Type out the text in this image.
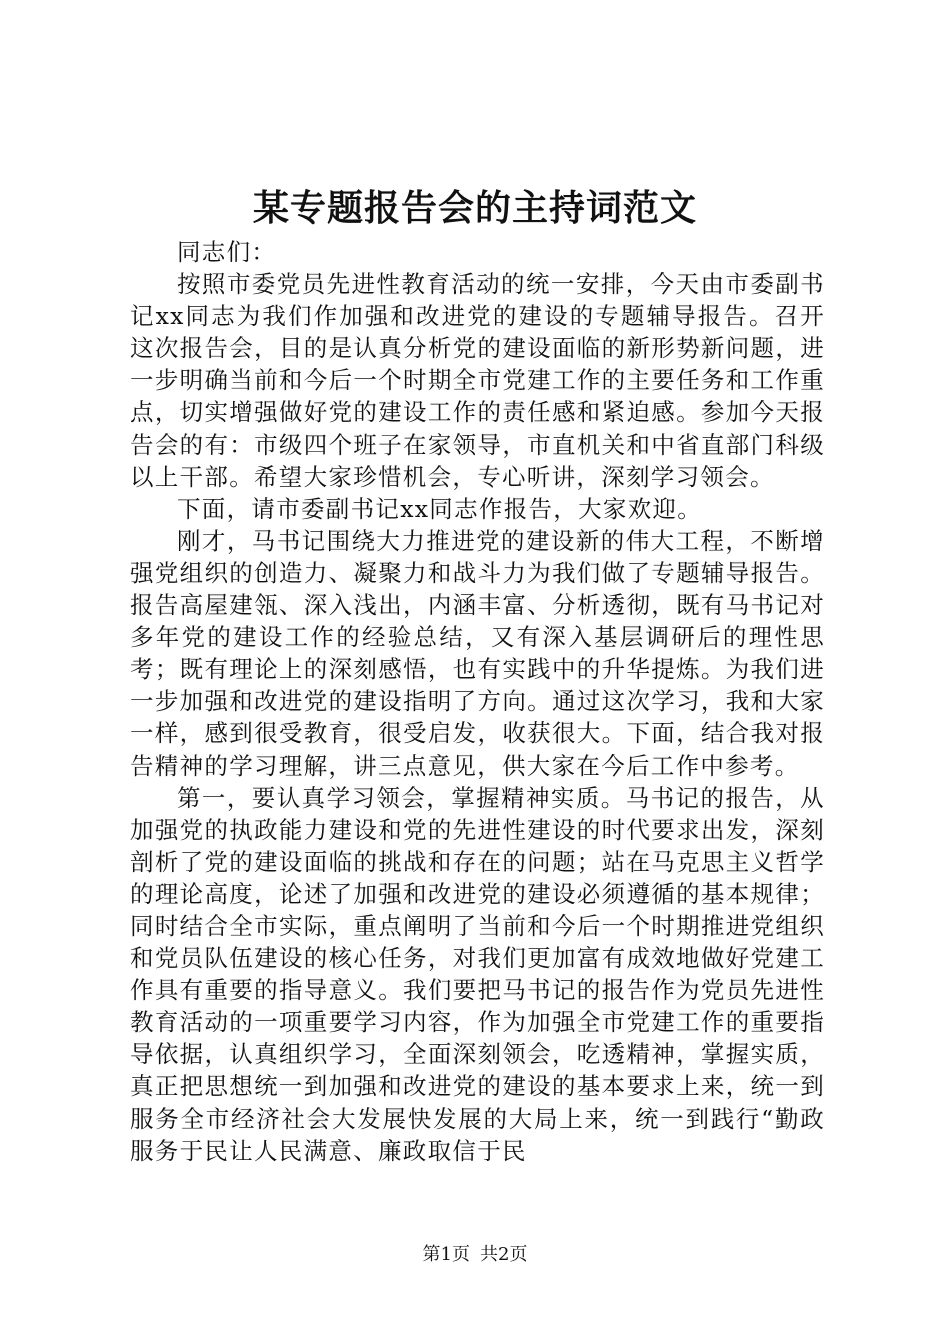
某专题报告会的主持词范文

同志们：

按照市委党员先进性教育活动的统一安排，今天由市委副书记xx同志为我们作加强和改进党的建设的专题辅导报告。召开这次报告会，目的是认真分析党的建设面临的新形势新问题，进一步明确当前和今后一个时期全市党建工作的主要任务和工作重点，切实增强做好党的建设工作的责任感和紧迫感。参加今天报告会的有：市级四个班子在家领导，市直机关和中省直部门科级以上干部。希望大家珍惜机会，专心听讲，深刻学习领会。

下面，请市委副书记xx同志作报告，大家欢迎。

刚才，马书记围绕大力推进党的建设新的伟大工程，不断增强党组织的创造力、凝聚力和战斗力为我们做了专题辅导报告。报告高屋建瓴、深入浅出，内涵丰富、分析透彻，既有马书记对多年党的建设工作的经验总结，又有深入基层调研后的理性思考；既有理论上的深刻感悟，也有实践中的升华提炼。为我们进一步加强和改进党的建设指明了方向。通过这次学习，我和大家一样，感到很受教育，很受启发，收获很大。下面，结合我对报告精神的学习理解，讲三点意见，供大家在今后工作中参考。

第一，要认真学习领会，掌握精神实质。马书记的报告，从加强党的执政能力建设和党的先进性建设的时代要求出发，深刻剖析了党的建设面临的挑战和存在的问题；站在马克思主义哲学的理论高度，论述了加强和改进党的建设必须遵循的基本规律；同时结合全市实际，重点阐明了当前和今后一个时期推进党组织和党员队伍建设的核心任务，对我们更加富有成效地做好党建工作具有重要的指导意义。我们要把马书记的报告作为党员先进性教育活动的一项重要学习内容，作为加强全市党建工作的重要指导依据，认真组织学习，全面深刻领会，吃透精神，掌握实质，真正把思想统一到加强和改进党的建设的基本要求上来，统一到服务全市经济社会大发展快发展的大局上来，统一到践行“勤政服务于民让人民满意、廉政取信于民

第1页 共2页
